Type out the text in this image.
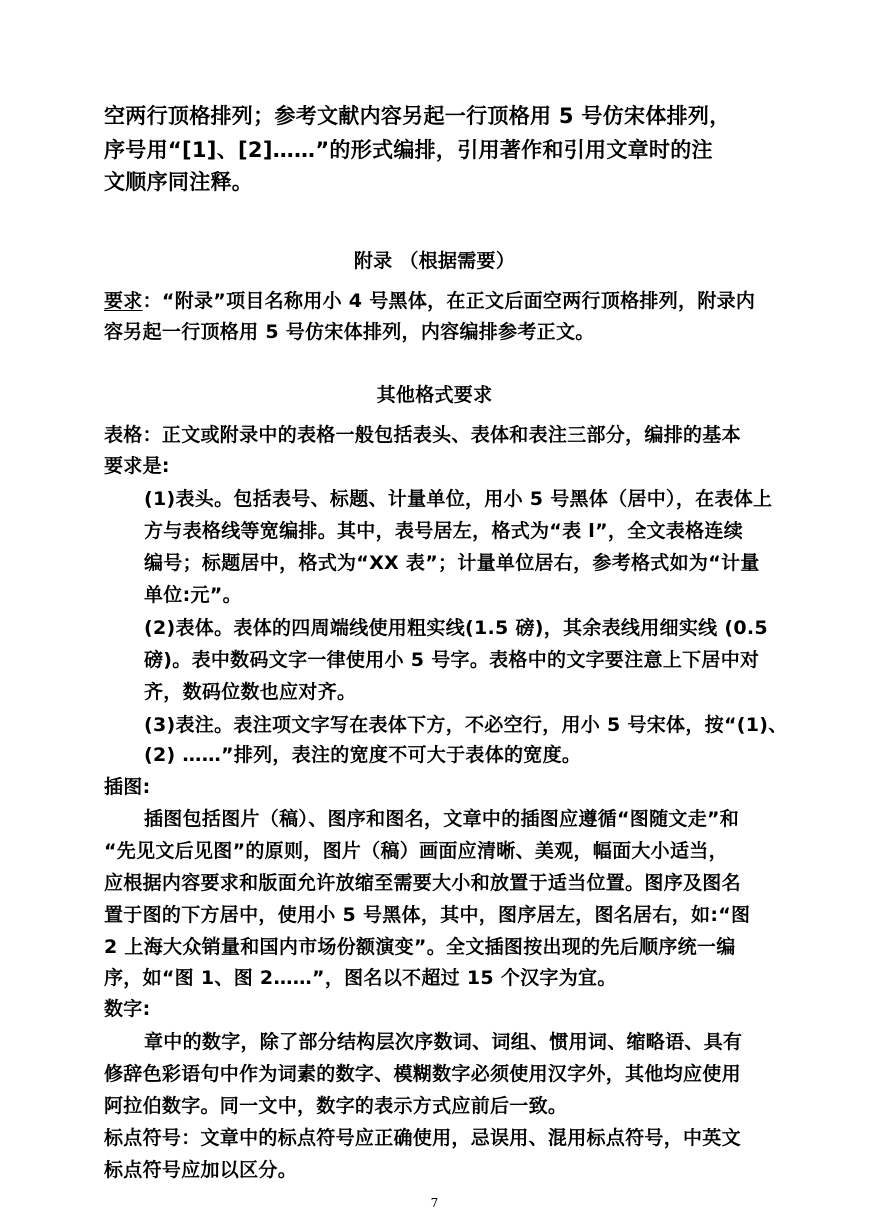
空两行顶格排列；参考文献内容另起一行顶格用 5 号仿宋体排列，
序号用“[1]、[2]……”的形式编排，引用著作和引用文章时的注
文顺序同注释。
附录 （根据需要）
要求：“附录”项目名称用小 4 号黑体，在正文后面空两行顶格排列，附录内
容另起一行顶格用 5 号仿宋体排列，内容编排参考正文。
其他格式要求
表格：正文或附录中的表格一般包括表头、表体和表注三部分，编排的基本
要求是:
(1)表头。包括表号、标题、计量单位，用小 5 号黑体（居中），在表体上
方与表格线等宽编排。其中，表号居左，格式为“表 l”，全文表格连续
编号；标题居中，格式为“XX 表”；计量单位居右，参考格式如为“计量
单位:元”。
(2)表体。表体的四周端线使用粗实线(1.5 磅)，其余表线用细实线 (0.5
磅)。表中数码文字一律使用小 5 号字。表格中的文字要注意上下居中对
齐，数码位数也应对齐。
(3)表注。表注项文字写在表体下方，不必空行，用小 5 号宋体，按“(1)、
(2) ……”排列，表注的宽度不可大于表体的宽度。
插图:
插图包括图片（稿）、图序和图名，文章中的插图应遵循“图随文走”和
“先见文后见图”的原则，图片（稿）画面应清晰、美观，幅面大小适当，
应根据内容要求和版面允许放缩至需要大小和放置于适当位置。图序及图名
置于图的下方居中，使用小 5 号黑体，其中，图序居左，图名居右，如:“图
2 上海大众销量和国内市场份额演变”。全文插图按出现的先后顺序统一编
序，如“图 1、图 2……”，图名以不超过 15 个汉字为宜。
数字:
章中的数字，除了部分结构层次序数词、词组、惯用词、缩略语、具有
修辞色彩语句中作为词素的数字、模糊数字必须使用汉字外，其他均应使用
阿拉伯数字。同一文中，数字的表示方式应前后一致。
标点符号：文章中的标点符号应正确使用，忌误用、混用标点符号，中英文
标点符号应加以区分。
7
